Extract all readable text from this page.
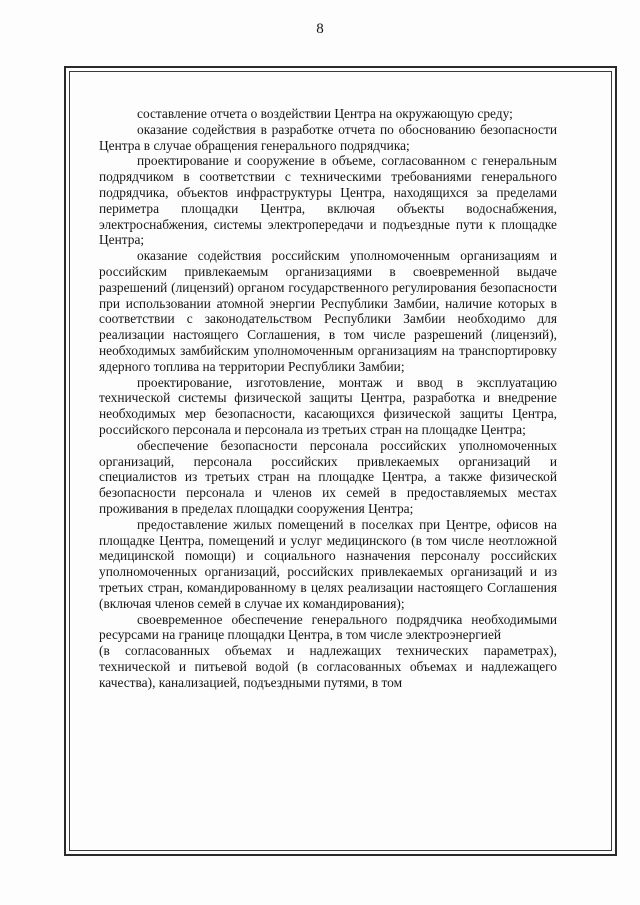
8

составление отчета о воздействии Центра на окружающую среду;

оказание содействия в разработке отчета по обоснованию безопасности Центра в случае обращения генерального подрядчика;

проектирование и сооружение в объеме, согласованном с генеральным подрядчиком в соответствии с техническими требованиями генерального подрядчика, объектов инфраструктуры Центра, находящихся за пределами периметра площадки Центра, включая объекты водоснабжения, электроснабжения, системы электропередачи и подъездные пути к площадке Центра;

оказание содействия российским уполномоченным организациям и российским привлекаемым организациями в своевременной выдаче разрешений (лицензий) органом государственного регулирования безопасности при использовании атомной энергии Республики Замбии, наличие которых в соответствии с законодательством Республики Замбии необходимо для реализации настоящего Соглашения, в том числе разрешений (лицензий), необходимых замбийским уполномоченным организациям на транспортировку ядерного топлива на территории Республики Замбии;

проектирование, изготовление, монтаж и ввод в эксплуатацию технической системы физической защиты Центра, разработка и внедрение необходимых мер безопасности, касающихся физической защиты Центра, российского персонала и персонала из третьих стран на площадке Центра;

обеспечение безопасности персонала российских уполномоченных организаций, персонала российских привлекаемых организаций и специалистов из третьих стран на площадке Центра, а также физической безопасности персонала и членов их семей в предоставляемых местах проживания в пределах площадки сооружения Центра;

предоставление жилых помещений в поселках при Центре, офисов на площадке Центра, помещений и услуг медицинского (в том числе неотложной медицинской помощи) и социального назначения персоналу российских уполномоченных организаций, российских привлекаемых организаций и из третьих стран, командированному в целях реализации настоящего Соглашения (включая членов семей в случае их командирования);

своевременное обеспечение генерального подрядчика необходимыми ресурсами на границе площадки Центра, в том числе электроэнергией

(в согласованных объемах и надлежащих технических параметрах), технической и питьевой водой (в согласованных объемах и надлежащего качества), канализацией, подъездными путями, в том
